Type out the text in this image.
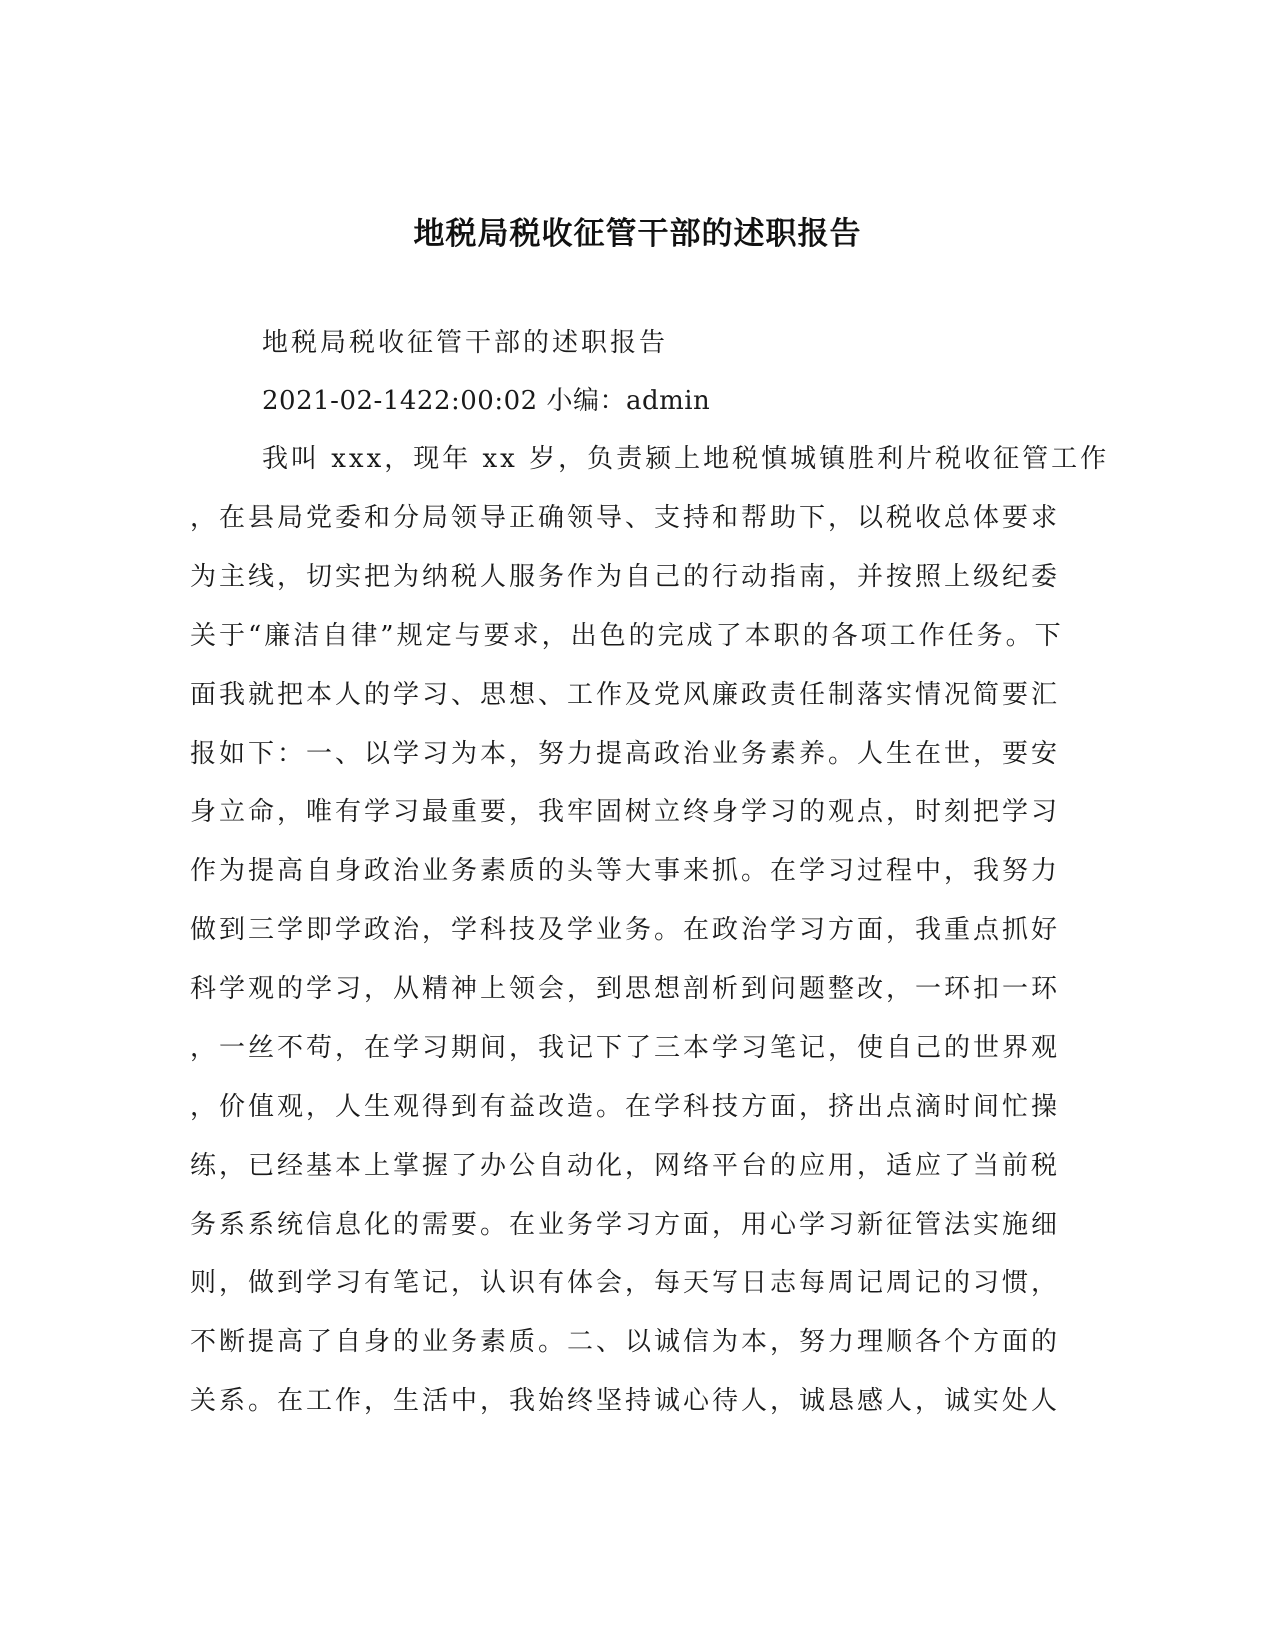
地税局税收征管干部的述职报告
地税局税收征管干部的述职报告
2021-02-1422:00:02 小编：admin
我叫 xxx，现年 xx 岁，负责颍上地税慎城镇胜利片税收征管工作
，在县局党委和分局领导正确领导、支持和帮助下，以税收总体要求
为主线，切实把为纳税人服务作为自己的行动指南，并按照上级纪委
关于“廉洁自律”规定与要求，出色的完成了本职的各项工作任务。下
面我就把本人的学习、思想、工作及党风廉政责任制落实情况简要汇
报如下：一、以学习为本，努力提高政治业务素养。人生在世，要安
身立命，唯有学习最重要，我牢固树立终身学习的观点，时刻把学习
作为提高自身政治业务素质的头等大事来抓。在学习过程中，我努力
做到三学即学政治，学科技及学业务。在政治学习方面，我重点抓好
科学观的学习，从精神上领会，到思想剖析到问题整改，一环扣一环
，一丝不苟，在学习期间，我记下了三本学习笔记，使自己的世界观
，价值观，人生观得到有益改造。在学科技方面，挤出点滴时间忙操
练，已经基本上掌握了办公自动化，网络平台的应用，适应了当前税
务系系统信息化的需要。在业务学习方面，用心学习新征管法实施细
则，做到学习有笔记，认识有体会，每天写日志每周记周记的习惯，
不断提高了自身的业务素质。二、以诚信为本，努力理顺各个方面的
关系。在工作，生活中，我始终坚持诚心待人，诚恳感人，诚实处人
